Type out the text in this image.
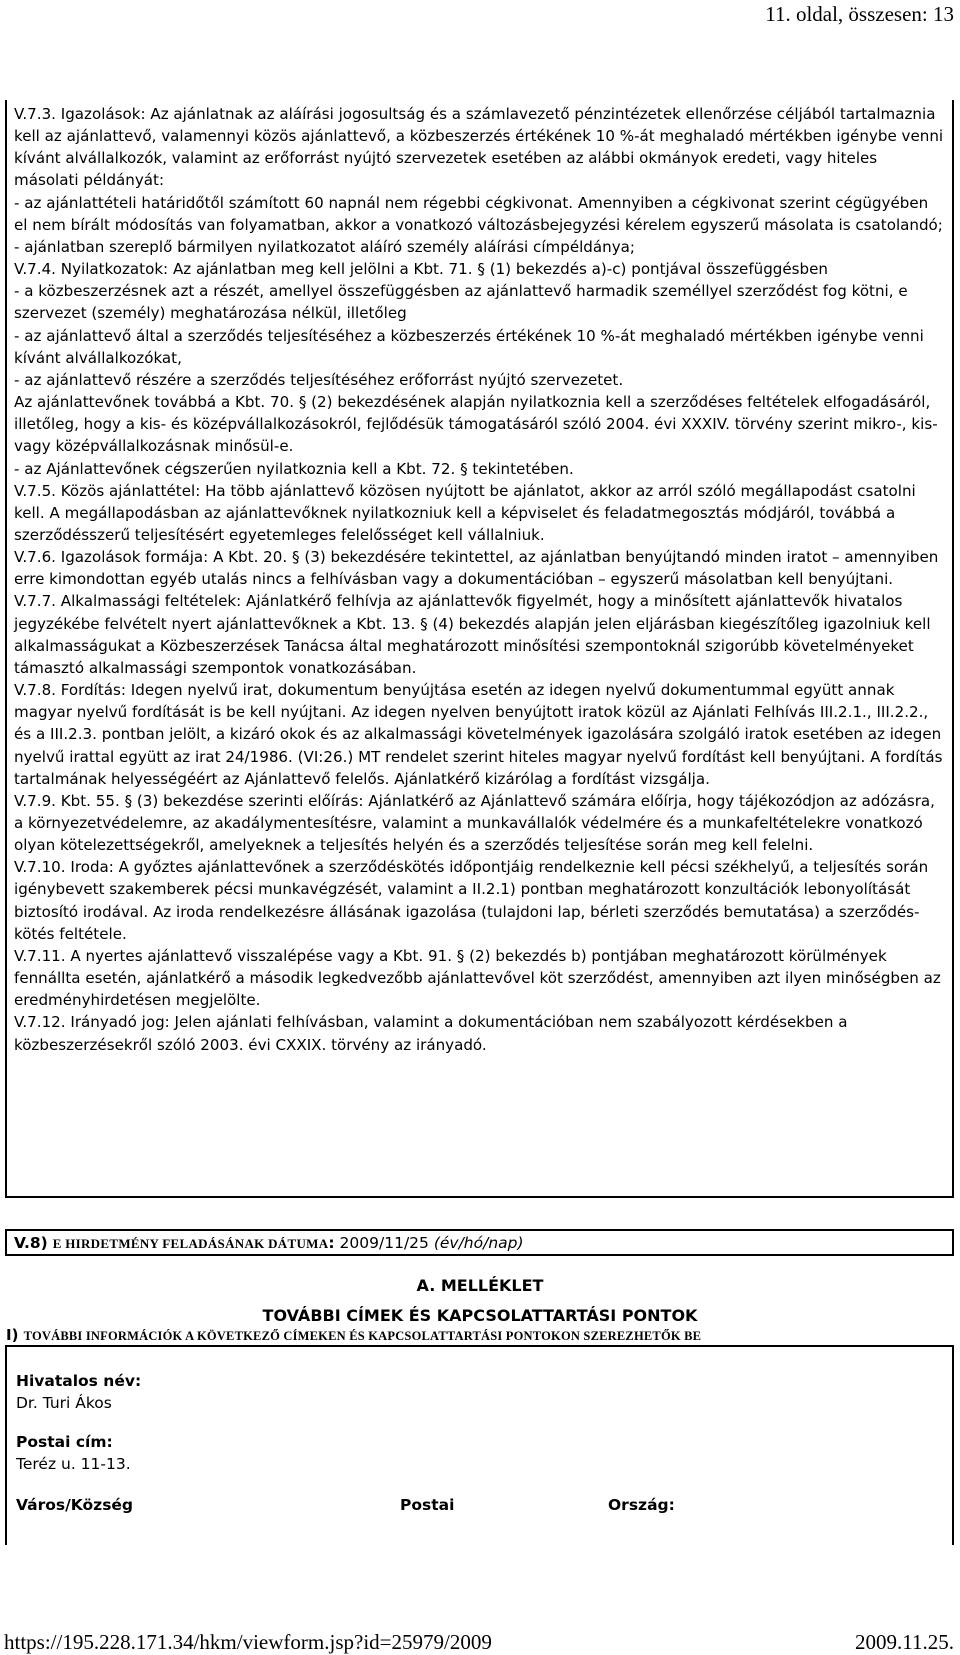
11. oldal, összesen: 13

V.7.3. Igazolások: Az ajánlatnak az aláírási jogosultság és a számlavezető pénzintézetek ellenőrzése céljából tartalmaznia kell az ajánlattevő, valamennyi közös ajánlattevő, a közbeszerzés értékének 10 %-át meghaladó mértékben igénybe venni kívánt alvállalkozók, valamint az erőforrást nyújtó szervezetek esetében az alábbi okmányok eredeti, vagy hiteles másolati példányát:

- az ajánlattételi határidőtől számított 60 napnál nem régebbi cégkivonat. Amennyiben a cégkivonat szerint cégügyében el nem bírált módosítás van folyamatban, akkor a vonatkozó változásbejegyzési kérelem egyszerű másolata is csatolandó;

- ajánlatban szereplő bármilyen nyilatkozatot aláíró személy aláírási címpéldánya;

V.7.4. Nyilatkozatok: Az ajánlatban meg kell jelölni a Kbt. 71. § (1) bekezdés a)-c) pontjával összefüggésben

- a közbeszerzésnek azt a részét, amellyel összefüggésben az ajánlattevő harmadik személlyel szerződést fog kötni, e szervezet (személy) meghatározása nélkül, illetőleg

- az ajánlattevő által a szerződés teljesítéséhez a közbeszerzés értékének 10 %-át meghaladó mértékben igénybe venni kívánt alvállalkozókat,

- az ajánlattevő részére a szerződés teljesítéséhez erőforrást nyújtó szervezetet.

Az ajánlattevőnek továbbá a Kbt. 70. § (2) bekezdésének alapján nyilatkoznia kell a szerződéses feltételek elfogadásáról, illetőleg, hogy a kis- és középvállalkozásokról, fejlődésük támogatásáról szóló 2004. évi XXXIV. törvény szerint mikro-, kis- vagy középvállalkozásnak minősül-e.

- az Ajánlattevőnek cégszerűen nyilatkoznia kell a Kbt. 72. § tekintetében.

V.7.5. Közös ajánlattétel: Ha több ajánlattevő közösen nyújtott be ajánlatot, akkor az arról szóló megállapodást csatolni kell. A megállapodásban az ajánlattevőknek nyilatkozniuk kell a képviselet és feladatmegosztás módjáról, továbbá a szerződésszerű teljesítésért egyetemleges felelősséget kell vállalniuk.

V.7.6. Igazolások formája: A Kbt. 20. § (3) bekezdésére tekintettel, az ajánlatban benyújtandó minden iratot – amennyiben erre kimondottan egyéb utalás nincs a felhívásban vagy a dokumentációban – egyszerű másolatban kell benyújtani.

V.7.7. Alkalmassági feltételek: Ajánlatkérő felhívja az ajánlattevők figyelmét, hogy a minősített ajánlattevők hivatalos jegyzékébe felvételt nyert ajánlattevőknek a Kbt. 13. § (4) bekezdés alapján jelen eljárásban kiegészítőleg igazolniuk kell alkalmasságukat a Közbeszerzések Tanácsa által meghatározott minősítési szempontoknál szigorúbb követelményeket támasztó alkalmassági szempontok vonatkozásában.

V.7.8. Fordítás: Idegen nyelvű irat, dokumentum benyújtása esetén az idegen nyelvű dokumentummal együtt annak magyar nyelvű fordítását is be kell nyújtani. Az idegen nyelven benyújtott iratok közül az Ajánlati Felhívás III.2.1., III.2.2., és a III.2.3. pontban jelölt, a kizáró okok és az alkalmassági követelmények igazolására szolgáló iratok esetében az idegen nyelvű irattal együtt az irat 24/1986. (VI:26.) MT rendelet szerint hiteles magyar nyelvű fordítást kell benyújtani. A fordítás tartalmának helyességéért az Ajánlattevő felelős. Ajánlatkérő kizárólag a fordítást vizsgálja.

V.7.9. Kbt. 55. § (3) bekezdése szerinti előírás: Ajánlatkérő az Ajánlattevő számára előírja, hogy tájékozódjon az adózásra, a környezetvédelemre, az akadálymentesítésre, valamint a munkavállalók védelmére és a munkafeltételekre vonatkozó olyan kötelezettségekről, amelyeknek a teljesítés helyén és a szerződés teljesítése során meg kell felelni.

V.7.10. Iroda: A győztes ajánlattevőnek a szerződéskötés időpontjáig rendelkeznie kell pécsi székhelyű, a teljesítés során igénybevett szakemberek pécsi munkavégzését, valamint a II.2.1) pontban meghatározott konzultációk lebonyolítását biztosító irodával. Az iroda rendelkezésre állásának igazolása (tulajdoni lap, bérleti szerződés bemutatása) a szerződés-kötés feltétele.

V.7.11. A nyertes ajánlattevő visszalépése vagy a Kbt. 91. § (2) bekezdés b) pontjában meghatározott körülmények fennállta esetén, ajánlatkérő a második legkedvezőbb ajánlattevővel köt szerződést, amennyiben azt ilyen minőségben az eredményhirdetésen megjelölte.

V.7.12. Irányadó jog: Jelen ajánlati felhívásban, valamint a dokumentációban nem szabályozott kérdésekben a közbeszerzésekről szóló 2003. évi CXXIX. törvény az irányadó.

V.8) E HIRDETMÉNY FELADÁSÁNAK DÁTUMA: 2009/11/25 (év/hó/nap)
A. MELLÉKLET
TOVÁBBI CÍMEK ÉS KAPCSOLATTARTÁSI PONTOK
I) TOVÁBBI INFORMÁCIÓK A KÖVETKEZŐ CÍMEKEN ÉS KAPCSOLATTARTÁSI PONTOKON SZEREZHETŐK BE
Hivatalos név:
Dr. Turi Ákos
Postai cím:
Teréz u. 11-13.
Város/Község	Postai	Ország:
https://195.228.171.34/hkm/viewform.jsp?id=25979/2009	2009.11.25.
